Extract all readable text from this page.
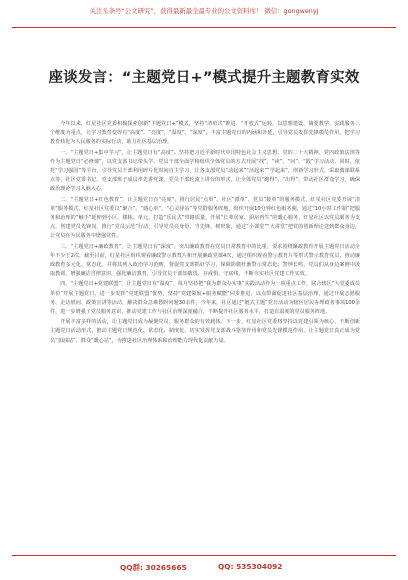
关注头条号“公文研究”，获得最新最全最专业的公文资料库！ 微信：gongwenyj
座谈发言：“主题党日+”模式提升主题教育实效

今年以来，红星社区党委积极探索创新“主题党日+”模式，坚持“清单式”推进、“开放式”运转，以思想建设、摘要教学、实践服务三个维度为重点，让学习教育变得有“高度”、“亮度”、“温度”、“深度”，丰富主题党日的内涵和外延，引导党员发挥先锋模范作用，把学习教育转化为人民服务的实际行动，助力社区基层治理。

一、“主题党日+集中学习”，让主题党日有“高度”。坚持把习近平新时代中国特色社会主义思想、党的二十大精神、党内政策法规等作为主题党日“必修课”，以党支部书记带头学、党员干部全面学和组织全体党员的方式开展“找”、“读”、“问”、“践”学习活动。同时，依托“学习强国”等平台，引导党员干部利用碎片化时间自主学习，让各支部党员“动起来”“活起来”“学起来”，创新学习形式，采取微课联系点等，社区党委书记、党支部班子成员率先讲党课，党员干部轮流上讲台的形式，让全体党员“跑得”、“出得”、带动社区群众学习，确保政治理论学习入脑入心。

二、“主题党日+红色教育”，让主题党日有“亮度”。推行居民“点单”、社区“派单”、党员“接单”的服务模式，红星社区党委开展“清单”服务模式，红星社区党委以“聚合”、“感心单”、“心灵驿站”等党群服务阵地，组织开展10分钟红色服务圈，通过“10小时工作制”把服务和治理的“触手”延伸到小区、楼栋、单元，打造“乐民式”带路质量，开展“长辈居家、厨房再生”的暖心服务，红星社区以党员服务为支点，创建党员先锋岗，推行“党员示范”行动，引导党员亮身份、当先锋、树形象，通过“小课堂”“大讲堂”把党的创新理论送到群众身边，让党员在为民服务中增强党性。

三、“主题党日+廉政教育”，让主题党日有“深度”。突出廉政教育在党员日常教育中的比重，要求围绕廉政教育开展主题党日活动全年不少于2次，截至目前，红星社区组织观看廉政警示教育片和开展廉政党课4次，通过组织观看警示教育片等形式警示教育党员，推动廉政教育多元化、常态化，并将其列入政治学习范畴，督促党支部抓好学习，保障防微杜渐警示常态化；警钟长鸣，党员们从身边案例中汲取教训，增强廉洁自律意识，强化廉洁教育，引导党员干部知敬畏、存戒惧、守底线，不断夯实社区党建工作实效。

四、“主题党日+党建联盟”，让主题党日有“温度”。每月坚持把“我为群众办实事”实践活动作为一项重点工作，联合辖区“大党委成员单位”开展主题党日，进一步发挥“党建联盟”优势，坚持“党建领航+服务赋能”同步推进，以点带面促进社区基层治理，通过开展志愿服务、走访慰问、政策宣讲等活动，解决群众急难愁盼问题30余件，今年来，社区通过“链式主题”党日活动为辖区居民办理政务事项100余件，进一步增强了党员服务意识，推动党建工作与社区治理深度融合，不断提升社区服务水平，打造有温度的党员服务阵地。

开展丰富多样的活动，让主题党日成为凝聚党员、服务群众的有效载体。下一步，红星社区党委将坚持以党建引领为核心，不断创新主题党日活动形式，推动主题党日规范化、常态化、制度化，切实发挥党支部战斗堡垒作用和党员先锋模范作用，让主题党日真正成为党员“加油站”、群众“暖心站”，为推进社区治理体系和治理能力现代化贡献力量。

QQ群: 30265665	QQ: 535304092
